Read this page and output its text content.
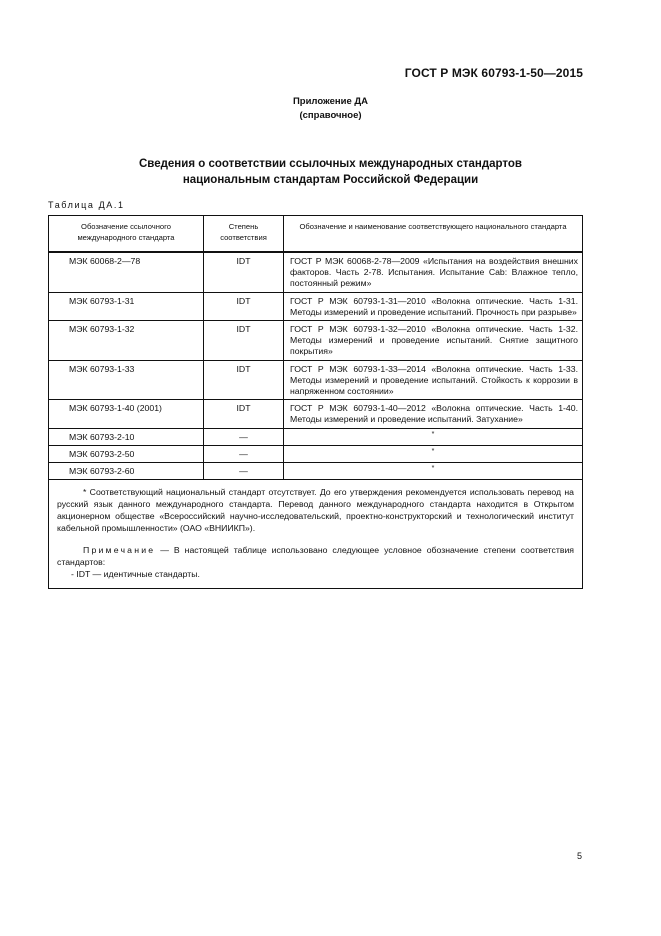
ГОСТ Р МЭК 60793-1-50—2015
Приложение ДА
(справочное)
Сведения о соответствии ссылочных международных стандартов
национальным стандартам Российской Федерации
Таблица ДА.1
Обозначение ссылочного международного стандарта	Степень соответствия	Обозначение и наименование соответствующего национального стандарта
МЭК 60068-2—78	IDT	ГОСТ Р МЭК 60068-2-78—2009 «Испытания на воздействия внешних факторов. Часть 2-78. Испытания. Испытание Cab: Влажное тепло, постоянный режим»
МЭК 60793-1-31	IDT	ГОСТ Р МЭК 60793-1-31—2010 «Волокна оптические. Часть 1-31. Методы измерений и проведение испытаний. Прочность при разрыве»
МЭК 60793-1-32	IDT	ГОСТ Р МЭК 60793-1-32—2010 «Волокна оптические. Часть 1-32. Методы измерений и проведение испытаний. Снятие защитного покрытия»
МЭК 60793-1-33	IDT	ГОСТ Р МЭК 60793-1-33—2014 «Волокна оптические. Часть 1-33. Методы измерений и проведение испытаний. Стойкость к коррозии в напряженном состоянии»
МЭК 60793-1-40 (2001)	IDT	ГОСТ Р МЭК 60793-1-40—2012 «Волокна оптические. Часть 1-40. Методы измерений и проведение испытаний. Затухание»
МЭК 60793-2-10	—	*
МЭК 60793-2-50	—	*
МЭК 60793-2-60	—	*

* Соответствующий национальный стандарт отсутствует. До его утверждения рекомендуется использовать перевод на русский язык данного международного стандарта. Перевод данного международного стандарта находится в Открытом акционерном обществе «Всероссийский научно-исследовательский, проектно-конструкторский и технологический институт кабельной промышленности» (ОАО «ВНИИКП»).

Примечание — В настоящей таблице использовано следующее условное обозначение степени соответствия стандартов:

- IDT — идентичные стандарты.		

5
